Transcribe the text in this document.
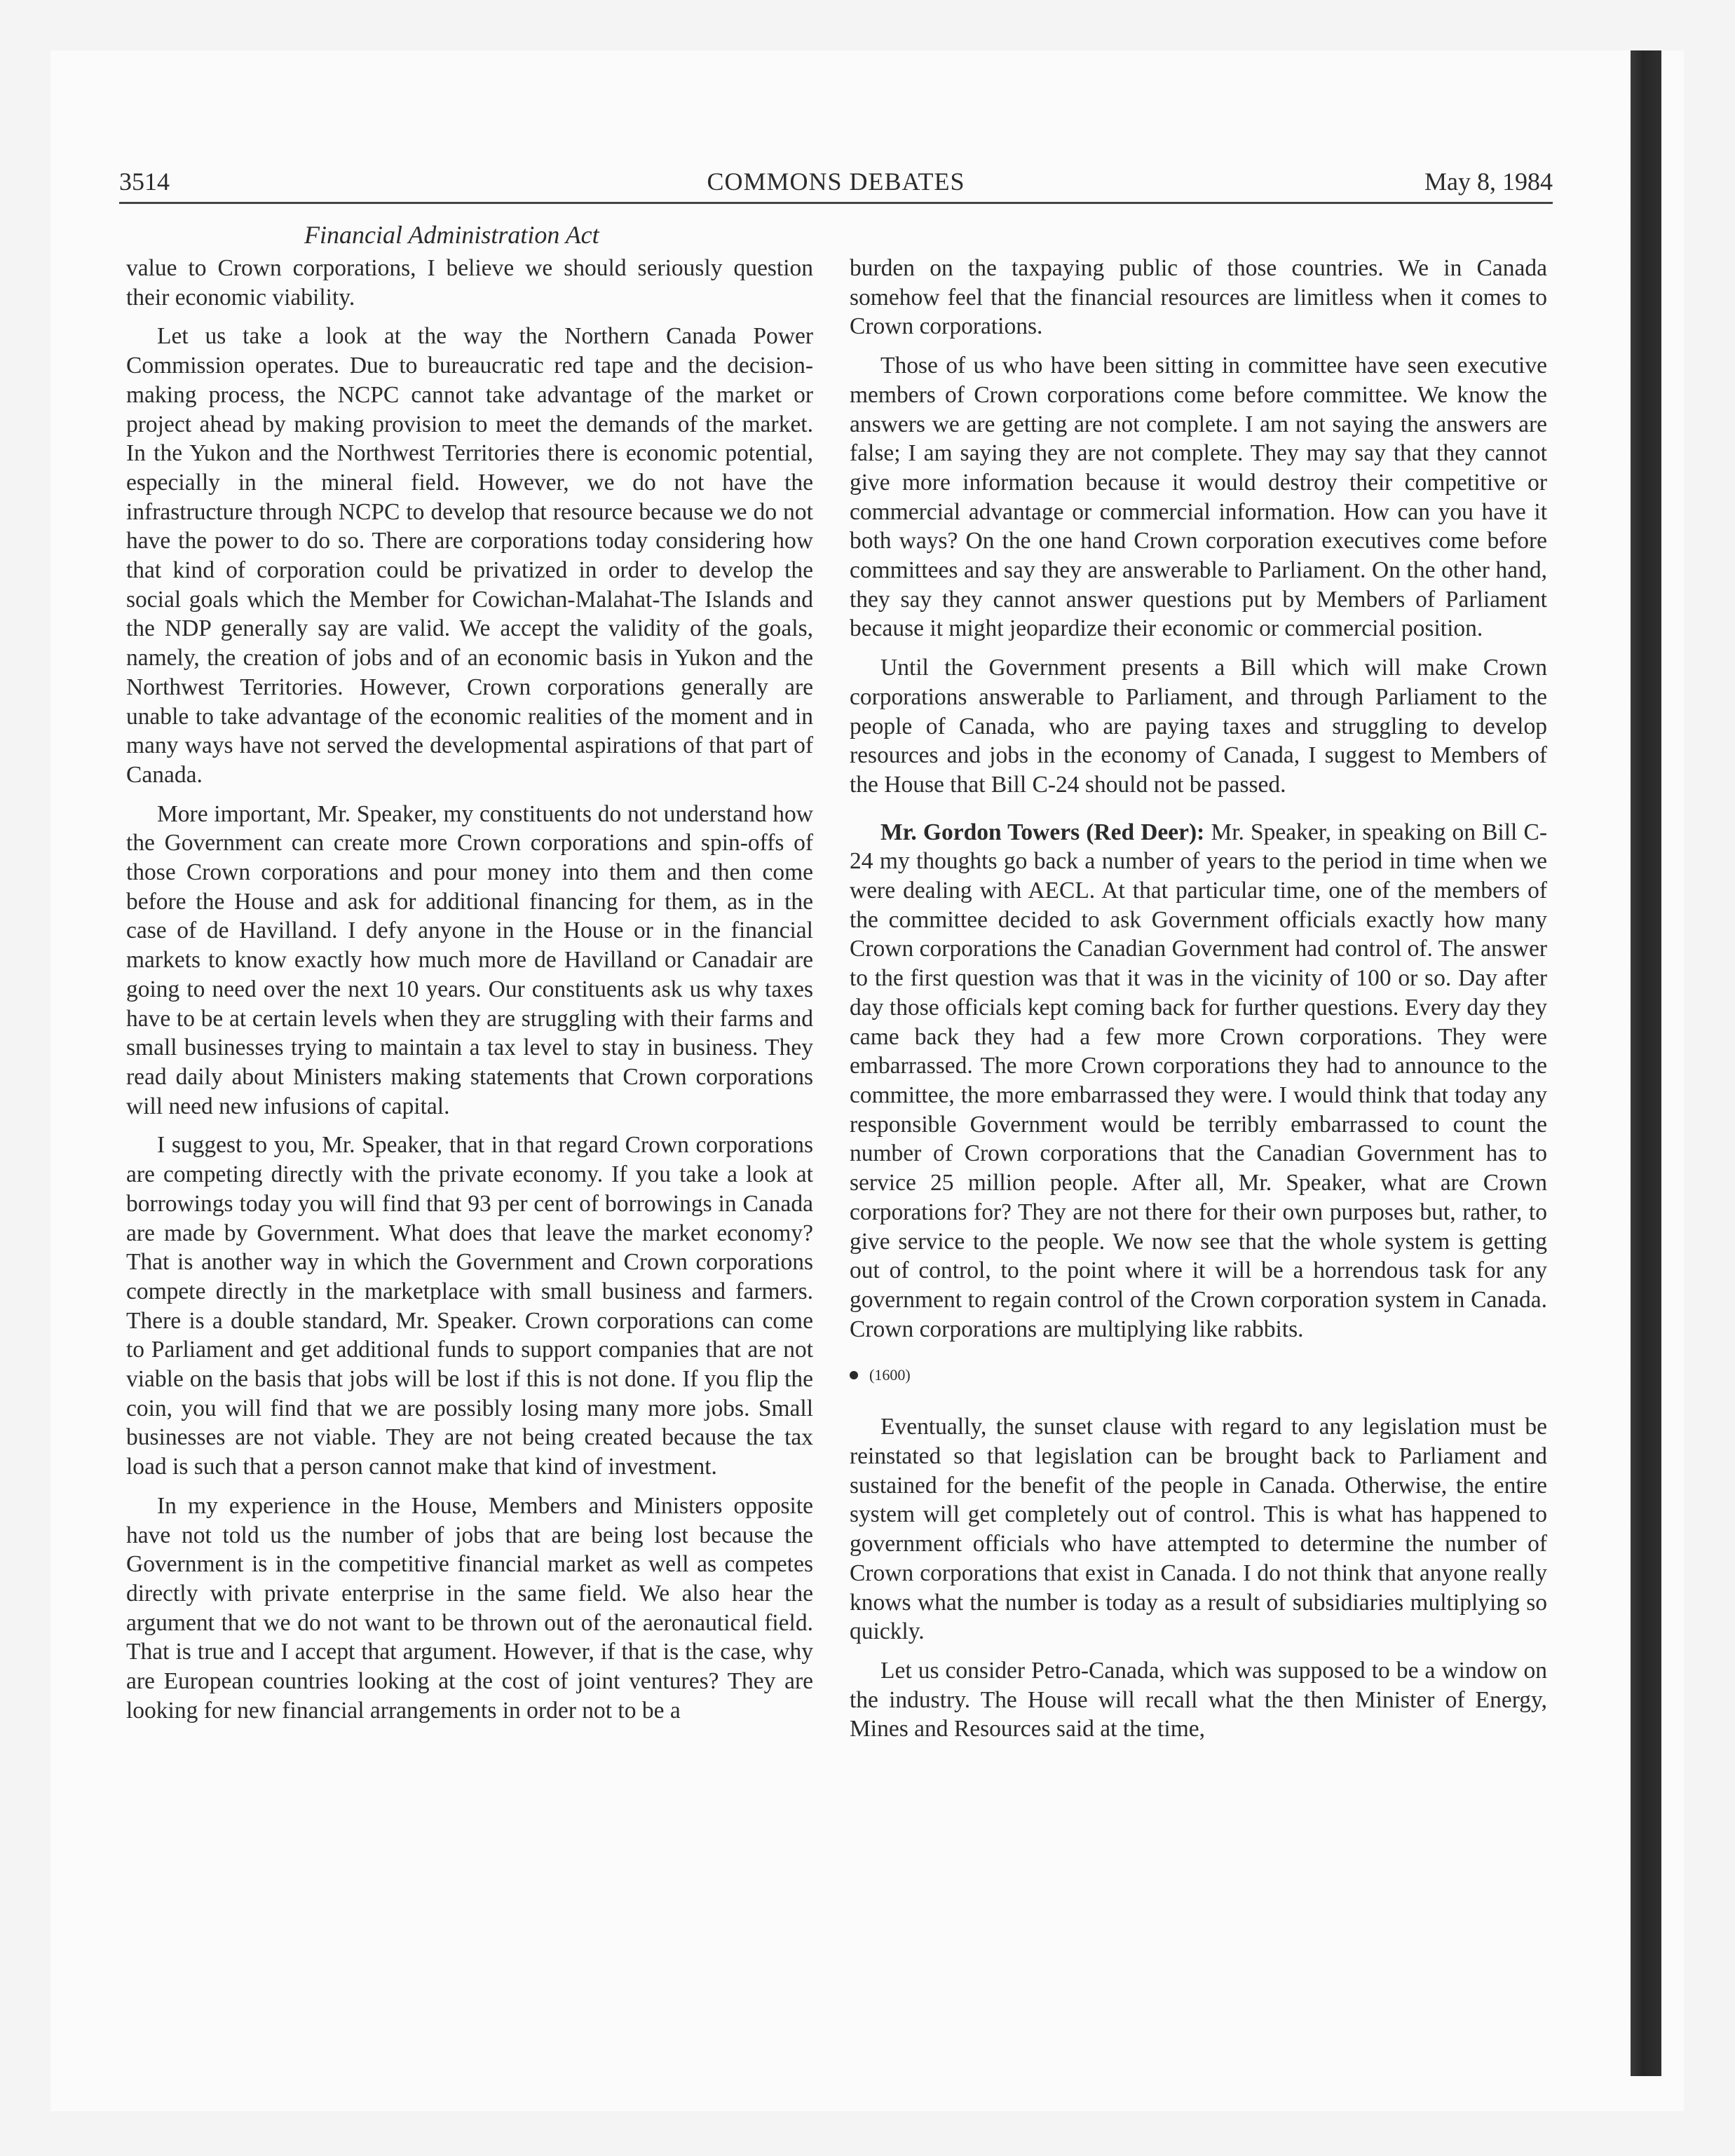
3514	COMMONS DEBATES	May 8, 1984
Financial Administration Act

value to Crown corporations, I believe we should seriously question their economic viability.

Let us take a look at the way the Northern Canada Power Commission operates. Due to bureaucratic red tape and the decision-making process, the NCPC cannot take advantage of the market or project ahead by making provision to meet the demands of the market. In the Yukon and the Northwest Territories there is economic potential, especially in the mineral field. However, we do not have the infrastructure through NCPC to develop that resource because we do not have the power to do so. There are corporations today considering how that kind of corporation could be privatized in order to develop the social goals which the Member for Cowichan-Malahat-The Islands and the NDP generally say are valid. We accept the validity of the goals, namely, the creation of jobs and of an economic basis in Yukon and the Northwest Territories. However, Crown corporations generally are unable to take advantage of the economic realities of the moment and in many ways have not served the developmental aspirations of that part of Canada.

More important, Mr. Speaker, my constituents do not understand how the Government can create more Crown corporations and spin-offs of those Crown corporations and pour money into them and then come before the House and ask for additional financing for them, as in the case of de Havilland. I defy anyone in the House or in the financial markets to know exactly how much more de Havilland or Canadair are going to need over the next 10 years. Our constituents ask us why taxes have to be at certain levels when they are struggling with their farms and small businesses trying to maintain a tax level to stay in business. They read daily about Ministers making statements that Crown corporations will need new infusions of capital.

I suggest to you, Mr. Speaker, that in that regard Crown corporations are competing directly with the private economy. If you take a look at borrowings today you will find that 93 per cent of borrowings in Canada are made by Government. What does that leave the market economy? That is another way in which the Government and Crown corporations compete directly in the marketplace with small business and farmers. There is a double standard, Mr. Speaker. Crown corporations can come to Parliament and get additional funds to support companies that are not viable on the basis that jobs will be lost if this is not done. If you flip the coin, you will find that we are possibly losing many more jobs. Small businesses are not viable. They are not being created because the tax load is such that a person cannot make that kind of investment.

In my experience in the House, Members and Ministers opposite have not told us the number of jobs that are being lost because the Government is in the competitive financial market as well as competes directly with private enterprise in the same field. We also hear the argument that we do not want to be thrown out of the aeronautical field. That is true and I accept that argument. However, if that is the case, why are European countries looking at the cost of joint ventures? They are looking for new financial arrangements in order not to be a

burden on the taxpaying public of those countries. We in Canada somehow feel that the financial resources are limitless when it comes to Crown corporations.

Those of us who have been sitting in committee have seen executive members of Crown corporations come before committee. We know the answers we are getting are not complete. I am not saying the answers are false; I am saying they are not complete. They may say that they cannot give more information because it would destroy their competitive or commercial advantage or commercial information. How can you have it both ways? On the one hand Crown corporation executives come before committees and say they are answerable to Parliament. On the other hand, they say they cannot answer questions put by Members of Parliament because it might jeopardize their economic or commercial position.

Until the Government presents a Bill which will make Crown corporations answerable to Parliament, and through Parliament to the people of Canada, who are paying taxes and struggling to develop resources and jobs in the economy of Canada, I suggest to Members of the House that Bill C-24 should not be passed.

Mr. Gordon Towers (Red Deer): Mr. Speaker, in speaking on Bill C-24 my thoughts go back a number of years to the period in time when we were dealing with AECL. At that particular time, one of the members of the committee decided to ask Government officials exactly how many Crown corporations the Canadian Government had control of. The answer to the first question was that it was in the vicinity of 100 or so. Day after day those officials kept coming back for further questions. Every day they came back they had a few more Crown corporations. They were embarrassed. The more Crown corporations they had to announce to the committee, the more embarrassed they were. I would think that today any responsible Government would be terribly embarrassed to count the number of Crown corporations that the Canadian Government has to service 25 million people. After all, Mr. Speaker, what are Crown corporations for? They are not there for their own purposes but, rather, to give service to the people. We now see that the whole system is getting out of control, to the point where it will be a horrendous task for any government to regain control of the Crown corporation system in Canada. Crown corporations are multiplying like rabbits.

(1600)

Eventually, the sunset clause with regard to any legislation must be reinstated so that legislation can be brought back to Parliament and sustained for the benefit of the people in Canada. Otherwise, the entire system will get completely out of control. This is what has happened to government officials who have attempted to determine the number of Crown corporations that exist in Canada. I do not think that anyone really knows what the number is today as a result of subsidiaries multiplying so quickly.

Let us consider Petro-Canada, which was supposed to be a window on the industry. The House will recall what the then Minister of Energy, Mines and Resources said at the time,
